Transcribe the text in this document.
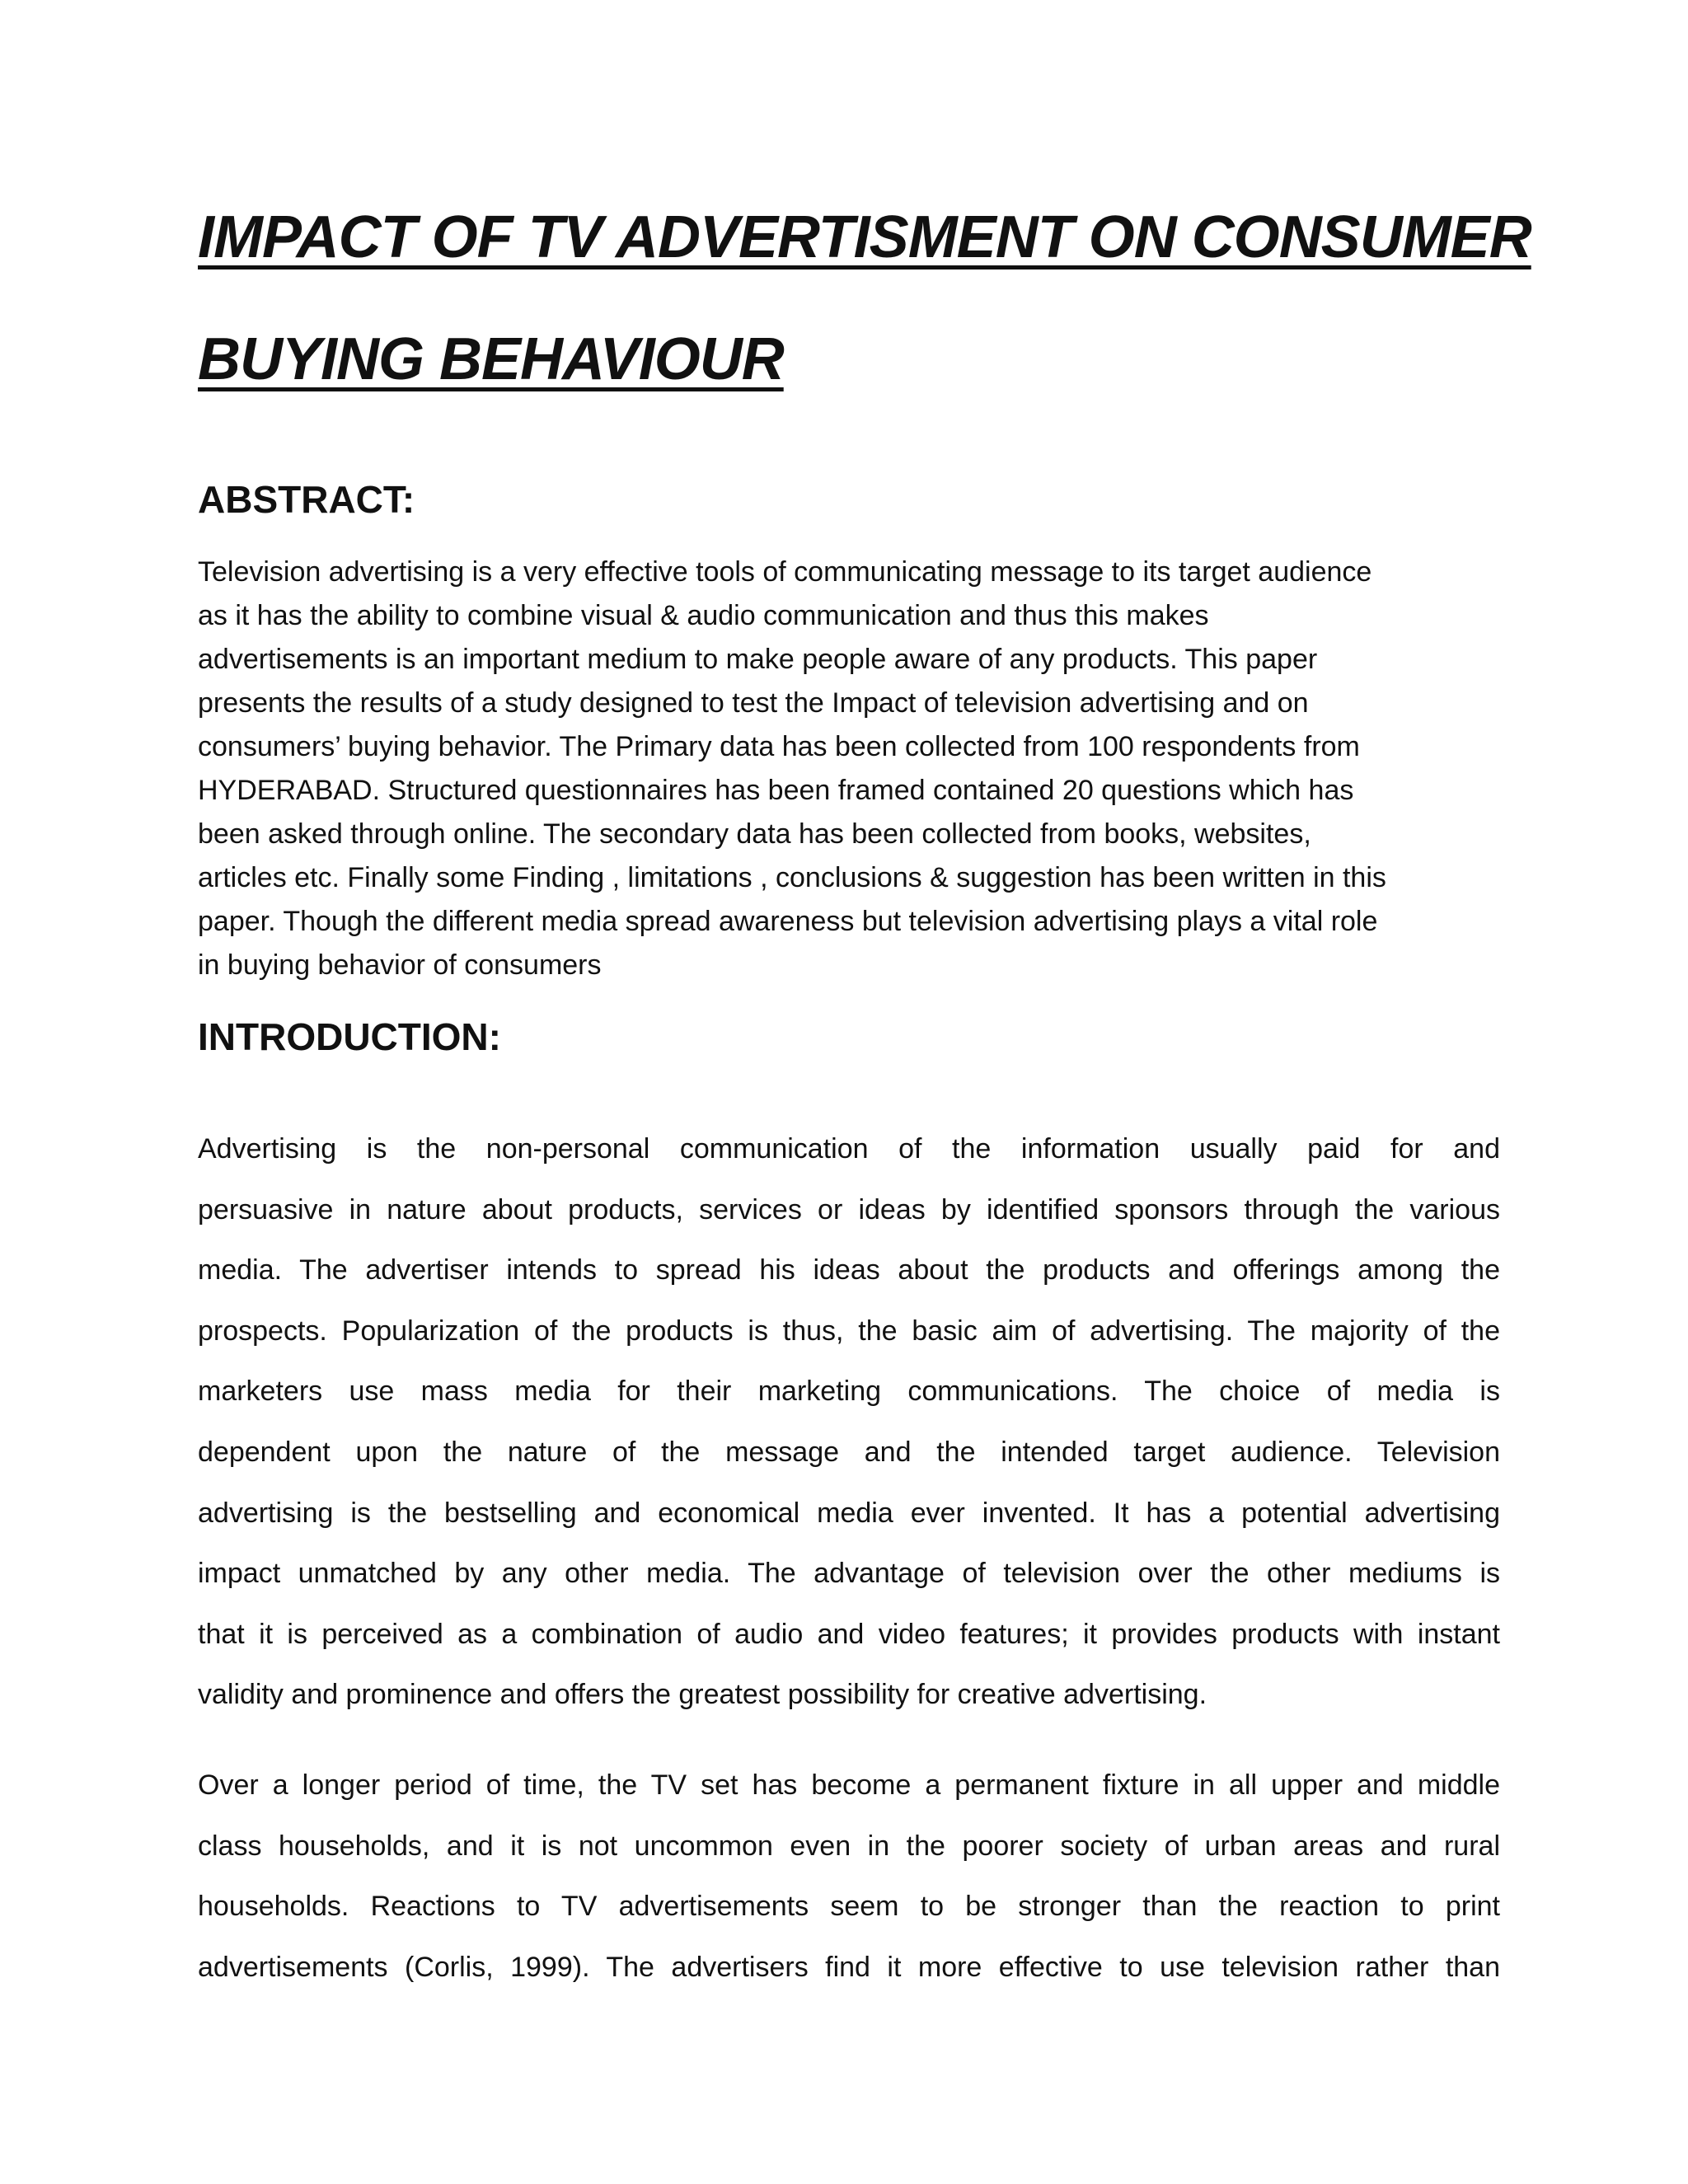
IMPACT OF TV ADVERTISMENT ON CONSUMER
BUYING BEHAVIOUR
ABSTRACT:
Television advertising is a very effective tools of communicating message to its target audience
as it has the ability to combine visual & audio communication and thus this makes
advertisements is an important medium to make people aware of any products. This paper
presents the results of a study designed to test the Impact of television advertising and on
consumers’ buying behavior. The Primary data has been collected from 100 respondents from
HYDERABAD. Structured questionnaires has been framed contained 20 questions which has
been asked through online. The secondary data has been collected from books, websites,
articles etc. Finally some Finding , limitations , conclusions & suggestion has been written in this
paper. Though the different media spread awareness but television advertising plays a vital role
in buying behavior of consumers
INTRODUCTION:
Advertising is the non-personal communication of the information usually paid for and
persuasive in nature about products, services or ideas by identified sponsors through the various
media. The advertiser intends to spread his ideas about the products and offerings among the
prospects. Popularization of the products is thus, the basic aim of advertising. The majority of the
marketers use mass media for their marketing communications. The choice of media is
dependent upon the nature of the message and the intended target audience. Television
advertising is the bestselling and economical media ever invented. It has a potential advertising
impact unmatched by any other media. The advantage of television over the other mediums is
that it is perceived as a combination of audio and video features; it provides products with instant
validity and prominence and offers the greatest possibility for creative advertising.
Over a longer period of time, the TV set has become a permanent fixture in all upper and middle
class households, and it is not uncommon even in the poorer society of urban areas and rural
households. Reactions to TV advertisements seem to be stronger than the reaction to print
advertisements (Corlis, 1999). The advertisers find it more effective to use television rather than
